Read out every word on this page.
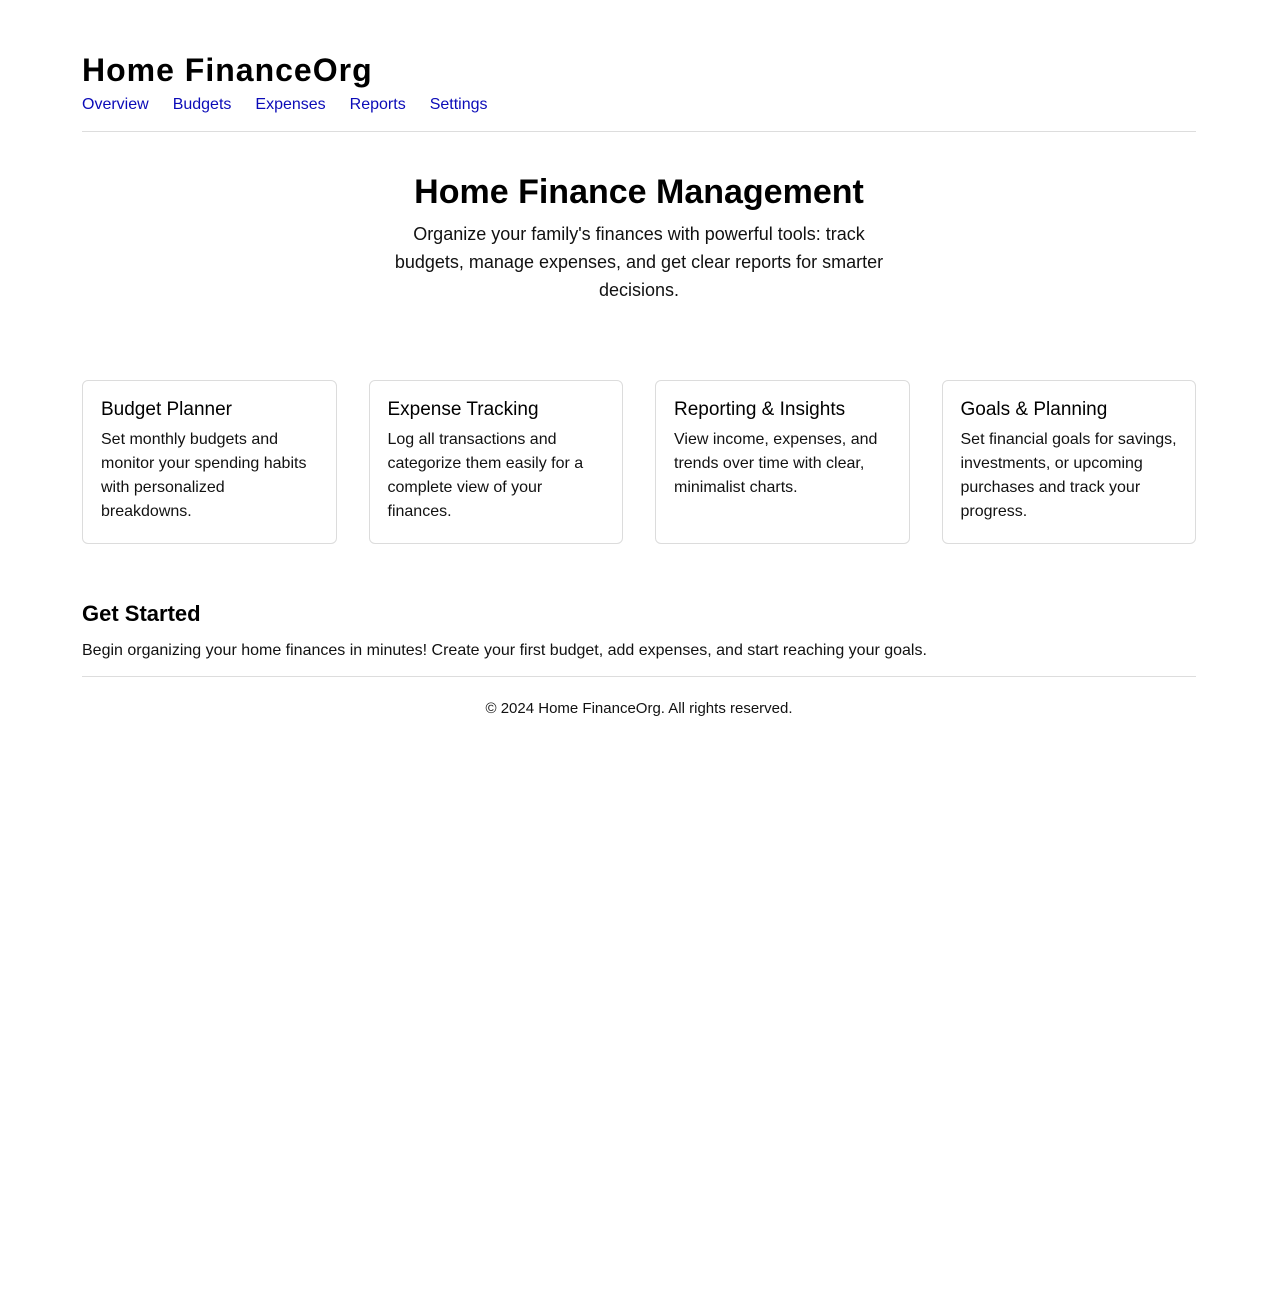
Home FinanceOrg
Overview Budgets Expenses Reports Settings
Home Finance Management

Organize your family's finances with powerful tools: track budgets, manage expenses, and get clear reports for smarter decisions.

Budget Planner

Set monthly budgets and monitor your spending habits with personalized breakdowns.

Expense Tracking

Log all transactions and categorize them easily for a complete view of your finances.

Reporting & Insights

View income, expenses, and trends over time with clear, minimalist charts.

Goals & Planning

Set financial goals for savings, investments, or upcoming purchases and track your progress.

Get Started

Begin organizing your home finances in minutes! Create your first budget, add expenses, and start reaching your goals.

© 2024 Home FinanceOrg. All rights reserved.
